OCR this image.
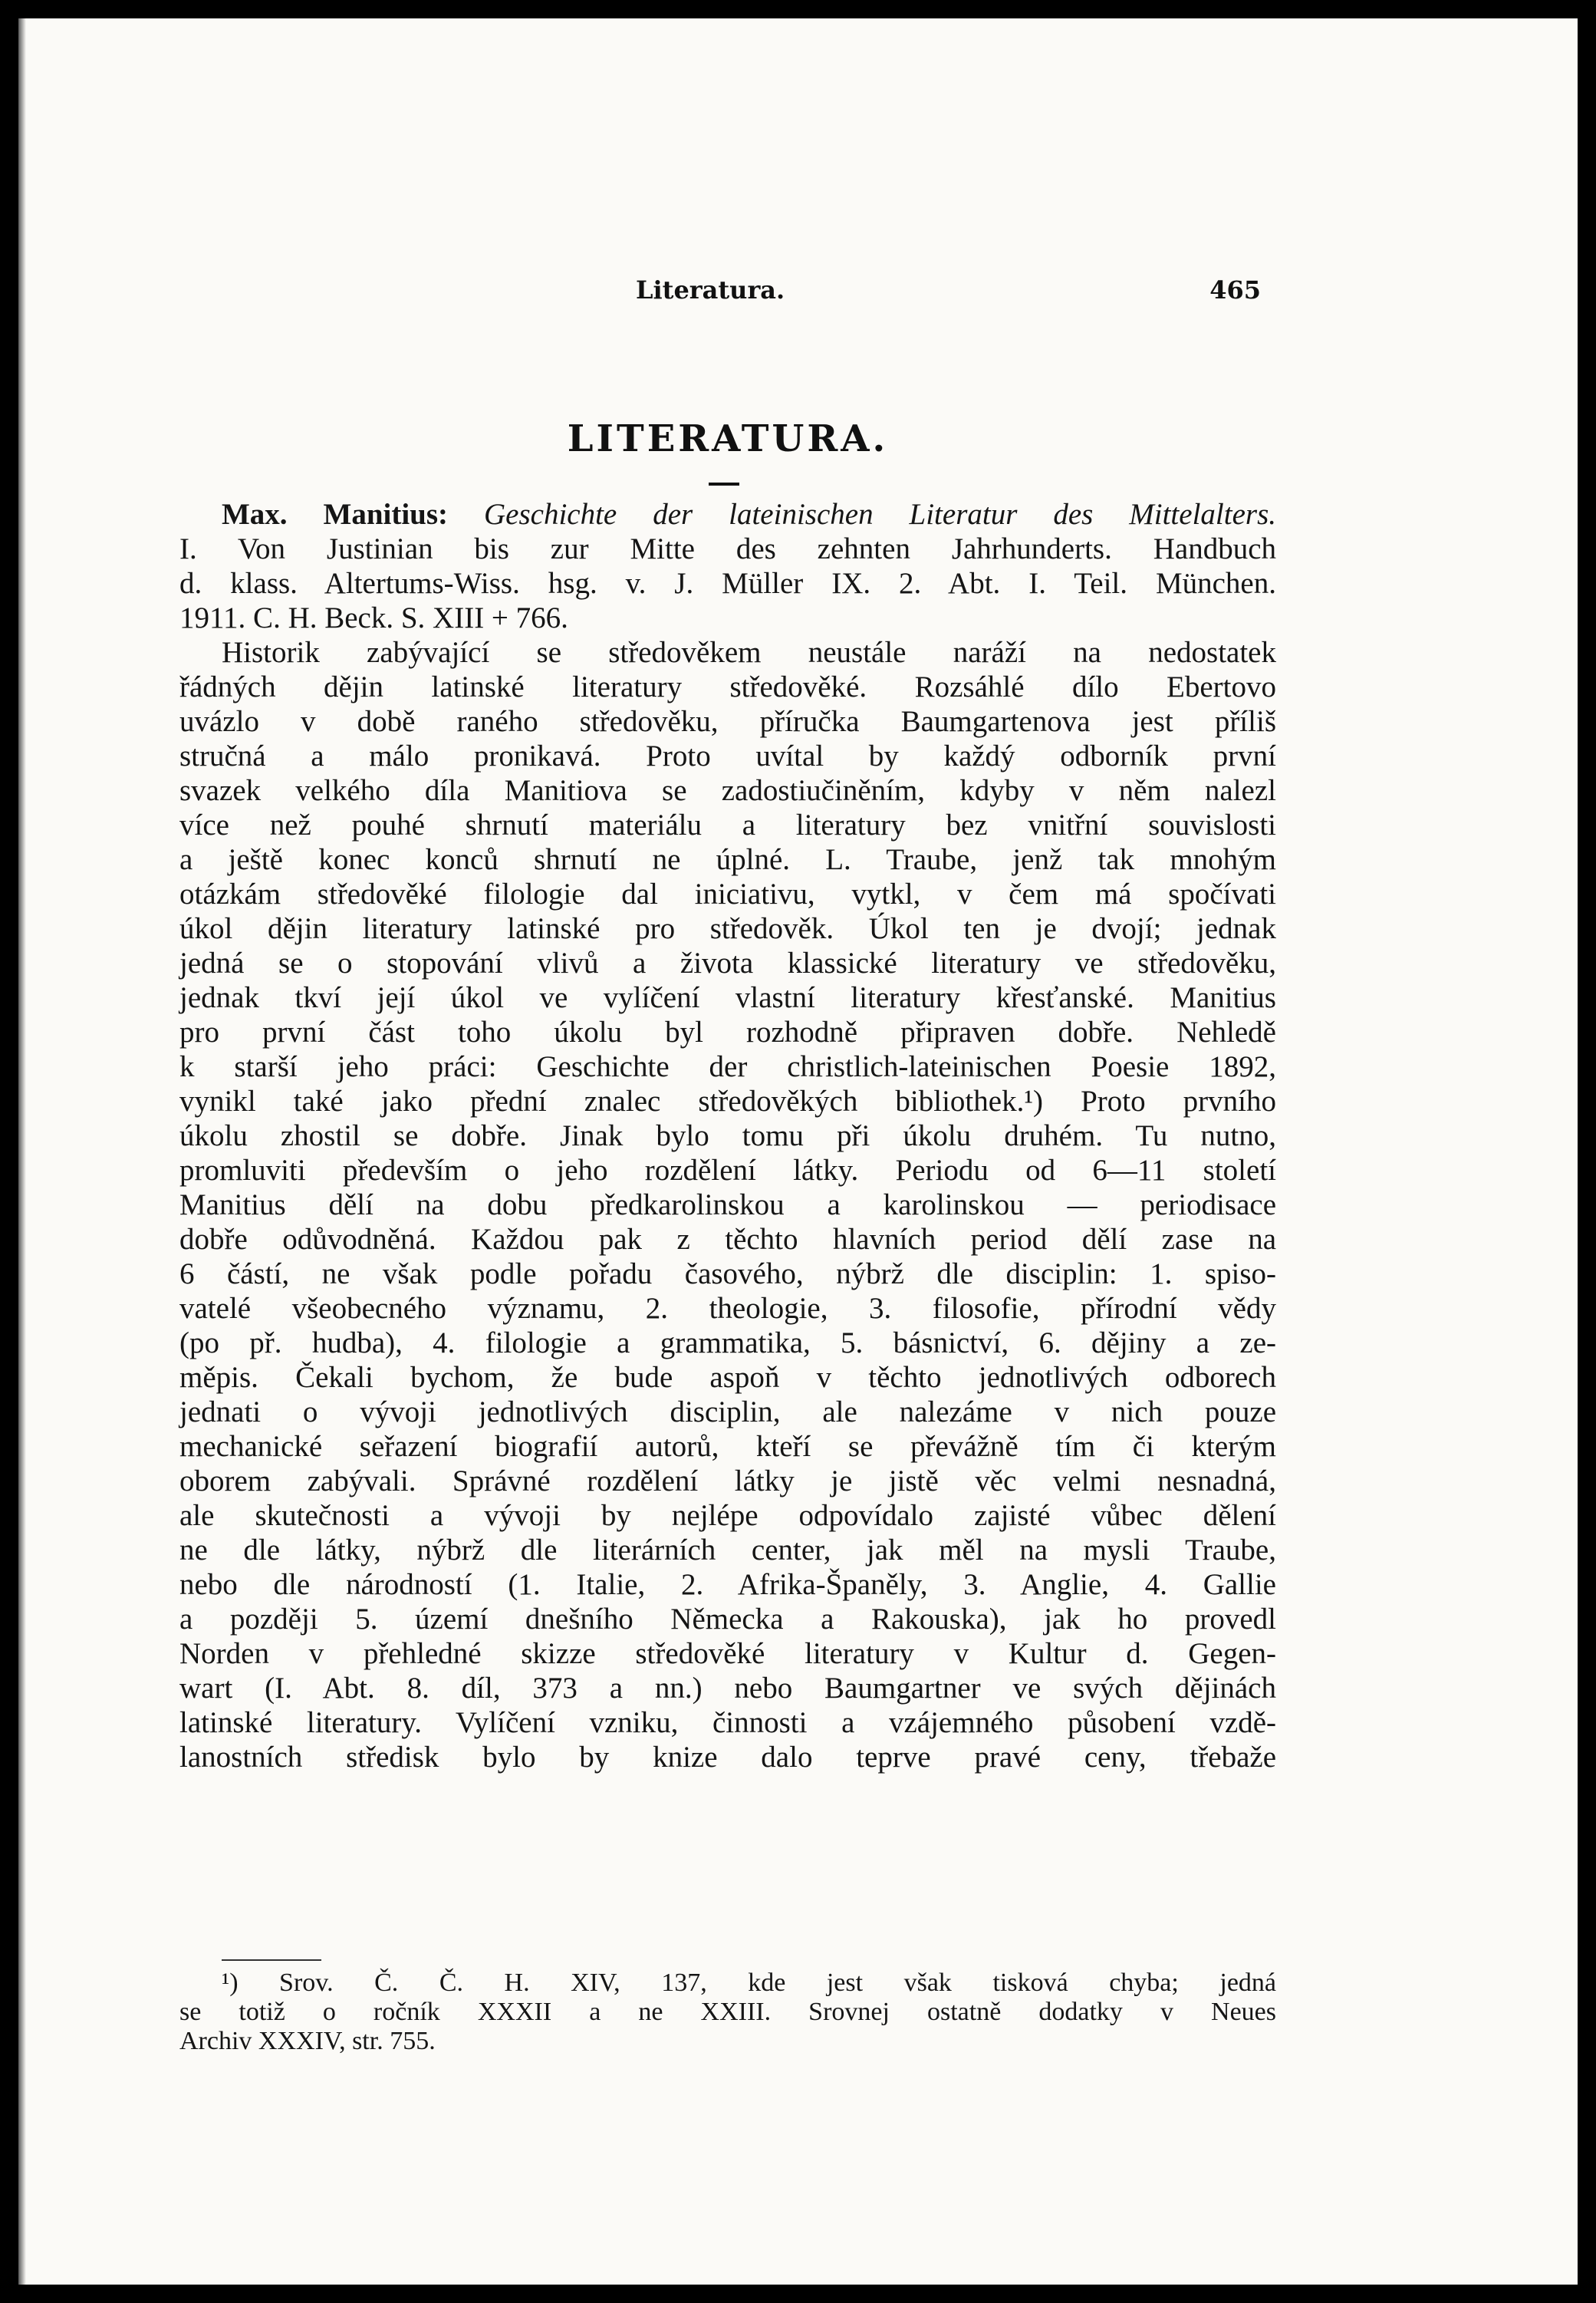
Literatura.	465
LITERATURA.
Max. Manitius: Geschichte der lateinischen Literatur des Mittelalters.
I. Von Justinian bis zur Mitte des zehnten Jahrhunderts. Handbuch
d. klass. Altertums-Wiss. hsg. v. J. Müller IX. 2. Abt. I. Teil. München.
1911. C. H. Beck. S. XIII + 766.
Historik zabývající se středověkem neustále naráží na nedostatek
řádných dějin latinské literatury středověké. Rozsáhlé dílo Ebertovo
uvázlo v době raného středověku, příručka Baumgartenova jest příliš
stručná a málo pronikavá. Proto uvítal by každý odborník první
svazek velkého díla Manitiova se zadostiučiněním, kdyby v něm nalezl
více než pouhé shrnutí materiálu a literatury bez vnitřní souvislosti
a ještě konec konců shrnutí ne úplné. L. Traube, jenž tak mnohým
otázkám středověké filologie dal iniciativu, vytkl, v čem má spočívati
úkol dějin literatury latinské pro středověk. Úkol ten je dvojí; jednak
jedná se o stopování vlivů a života klassické literatury ve středověku,
jednak tkví její úkol ve vylíčení vlastní literatury křesťanské. Manitius
pro první část toho úkolu byl rozhodně připraven dobře. Nehledě
k starší jeho práci: Geschichte der christlich-lateinischen Poesie 1892,
vynikl také jako přední znalec středověkých bibliothek.¹) Proto prvního
úkolu zhostil se dobře. Jinak bylo tomu při úkolu druhém. Tu nutno,
promluviti především o jeho rozdělení látky. Periodu od 6—11 století
Manitius dělí na dobu předkarolinskou a karolinskou — periodisace
dobře odůvodněná. Každou pak z těchto hlavních period dělí zase na
6 částí, ne však podle pořadu časového, nýbrž dle disciplin: 1. spiso-
vatelé všeobecného významu, 2. theologie, 3. filosofie, přírodní vědy
(po př. hudba), 4. filologie a grammatika, 5. básnictví, 6. dějiny a ze-
měpis. Čekali bychom, že bude aspoň v těchto jednotlivých odborech
jednati o vývoji jednotlivých disciplin, ale nalezáme v nich pouze
mechanické seřazení biografií autorů, kteří se převážně tím či kterým
oborem zabývali. Správné rozdělení látky je jistě věc velmi nesnadná,
ale skutečnosti a vývoji by nejlépe odpovídalo zajisté vůbec dělení
ne dle látky, nýbrž dle literárních center, jak měl na mysli Traube,
nebo dle národností (1. Italie, 2. Afrika-Španěly, 3. Anglie, 4. Gallie
a později 5. území dnešního Německa a Rakouska), jak ho provedl
Norden v přehledné skizze středověké literatury v Kultur d. Gegen-
wart (I. Abt. 8. díl, 373 a nn.) nebo Baumgartner ve svých dějinách
latinské literatury. Vylíčení vzniku, činnosti a vzájemného působení vzdě-
lanostních středisk bylo by knize dalo teprve pravé ceny, třebaže
¹) Srov. Č. Č. H. XIV, 137, kde jest však tisková chyba; jedná
se totiž o ročník XXXII a ne XXIII. Srovnej ostatně dodatky v Neues
Archiv XXXIV, str. 755.
